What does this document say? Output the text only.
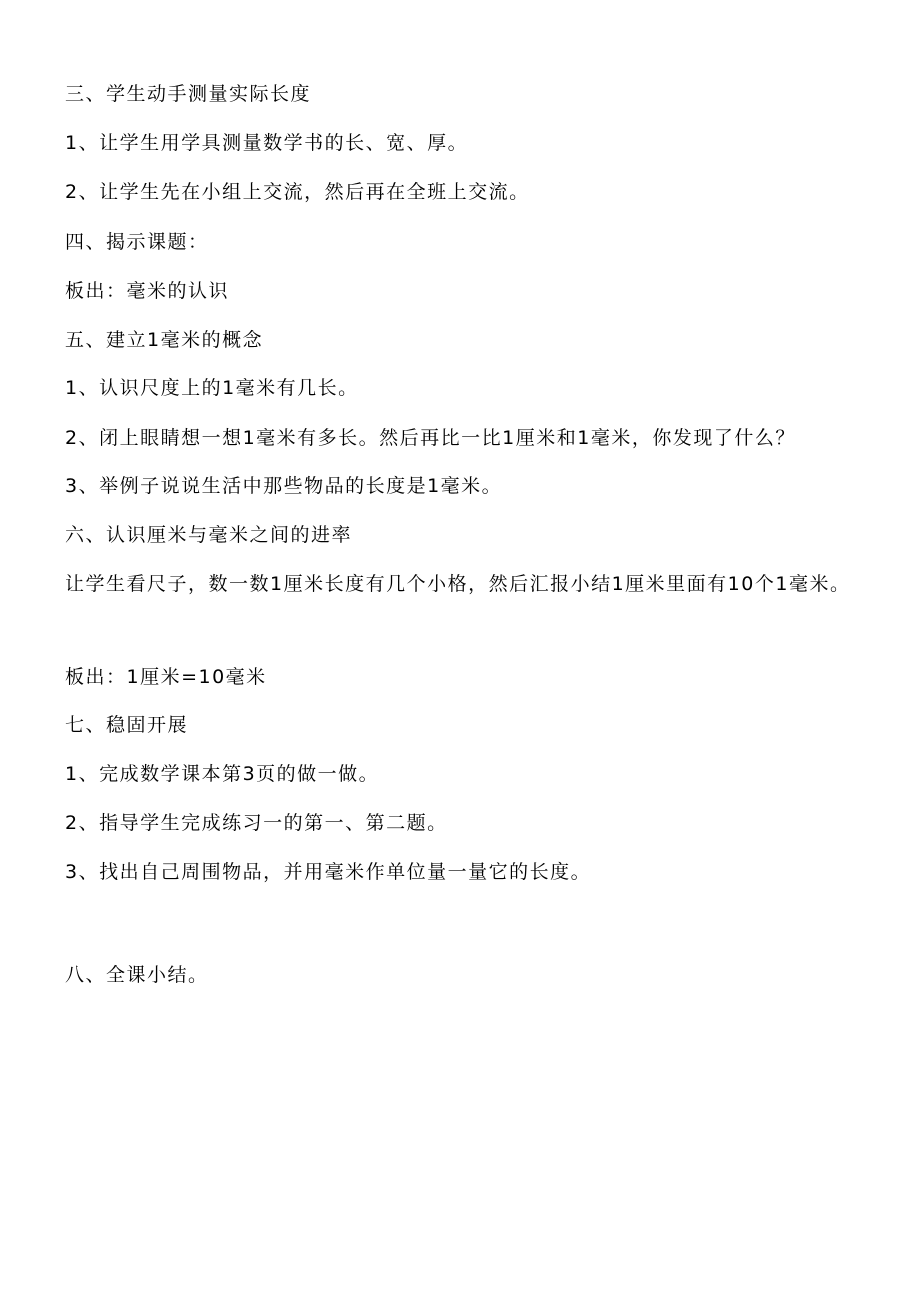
三、学生动手测量实际长度
1、让学生用学具测量数学书的长、宽、厚。
2、让学生先在小组上交流，然后再在全班上交流。
四、揭示课题：
板出：毫米的认识
五、建立1毫米的概念
1、认识尺度上的1毫米有几长。
2、闭上眼睛想一想1毫米有多长。然后再比一比1厘米和1毫米，你发现了什么？
3、举例子说说生活中那些物品的长度是1毫米。
六、认识厘米与毫米之间的进率
让学生看尺子，数一数1厘米长度有几个小格，然后汇报小结1厘米里面有10个1毫米。
板出：1厘米=10毫米
七、稳固开展
1、完成数学课本第3页的做一做。
2、指导学生完成练习一的第一、第二题。
3、找出自己周围物品，并用毫米作单位量一量它的长度。
八、全课小结。
